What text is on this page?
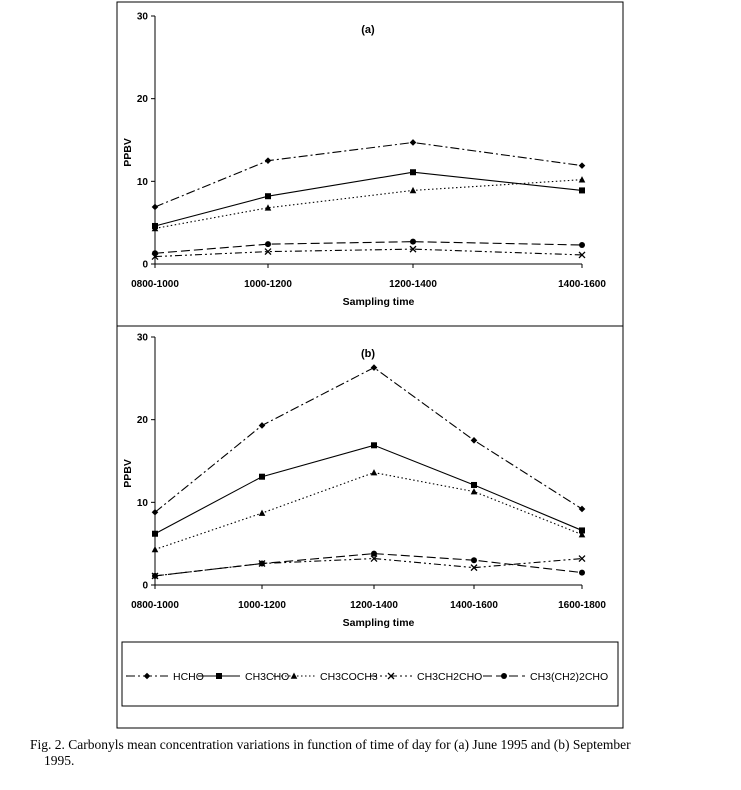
0
10
20
30
0800-1000	1000-1200	1200-1400	1400-1600
Sampling time
PPBV
(a)
0
10
20
30
0800-1000	1000-1200	1200-1400	1400-1600	1600-1800
Sampling time
PPBV
(b)
HCHO	CH3CHO	CH3COCH3	CH3CH2CHO	CH3(CH2)2CHO
Fig. 2. Carbonyls mean concentration variations in function of time of day for (a) June 1995 and (b) September
1995.
